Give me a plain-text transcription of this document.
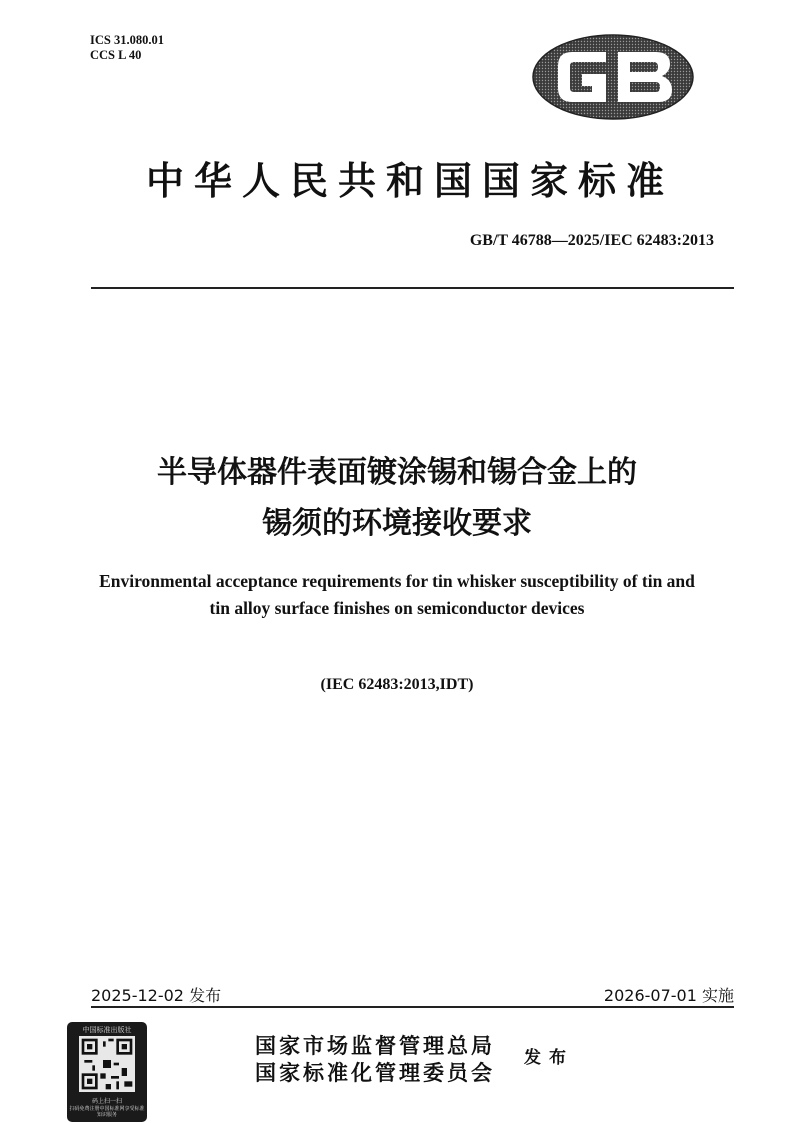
ICS 31.080.01
CCS L 40
中华人民共和国国家标准
GB/T 46788—2025/IEC 62483:2013
半导体器件表面镀涂锡和锡合金上的
锡须的环境接收要求
Environmental acceptance requirements for tin whisker susceptibility of tin and
tin alloy surface finishes on semiconductor devices
(IEC 62483:2013,IDT)
2025-12-02 发布	2026-07-01 实施
中国标准出版社
码上扫一扫
扫码免费注册中国标准网享受标准知识服务
国家市场监督管理总局
国家标准化管理委员会
发布
